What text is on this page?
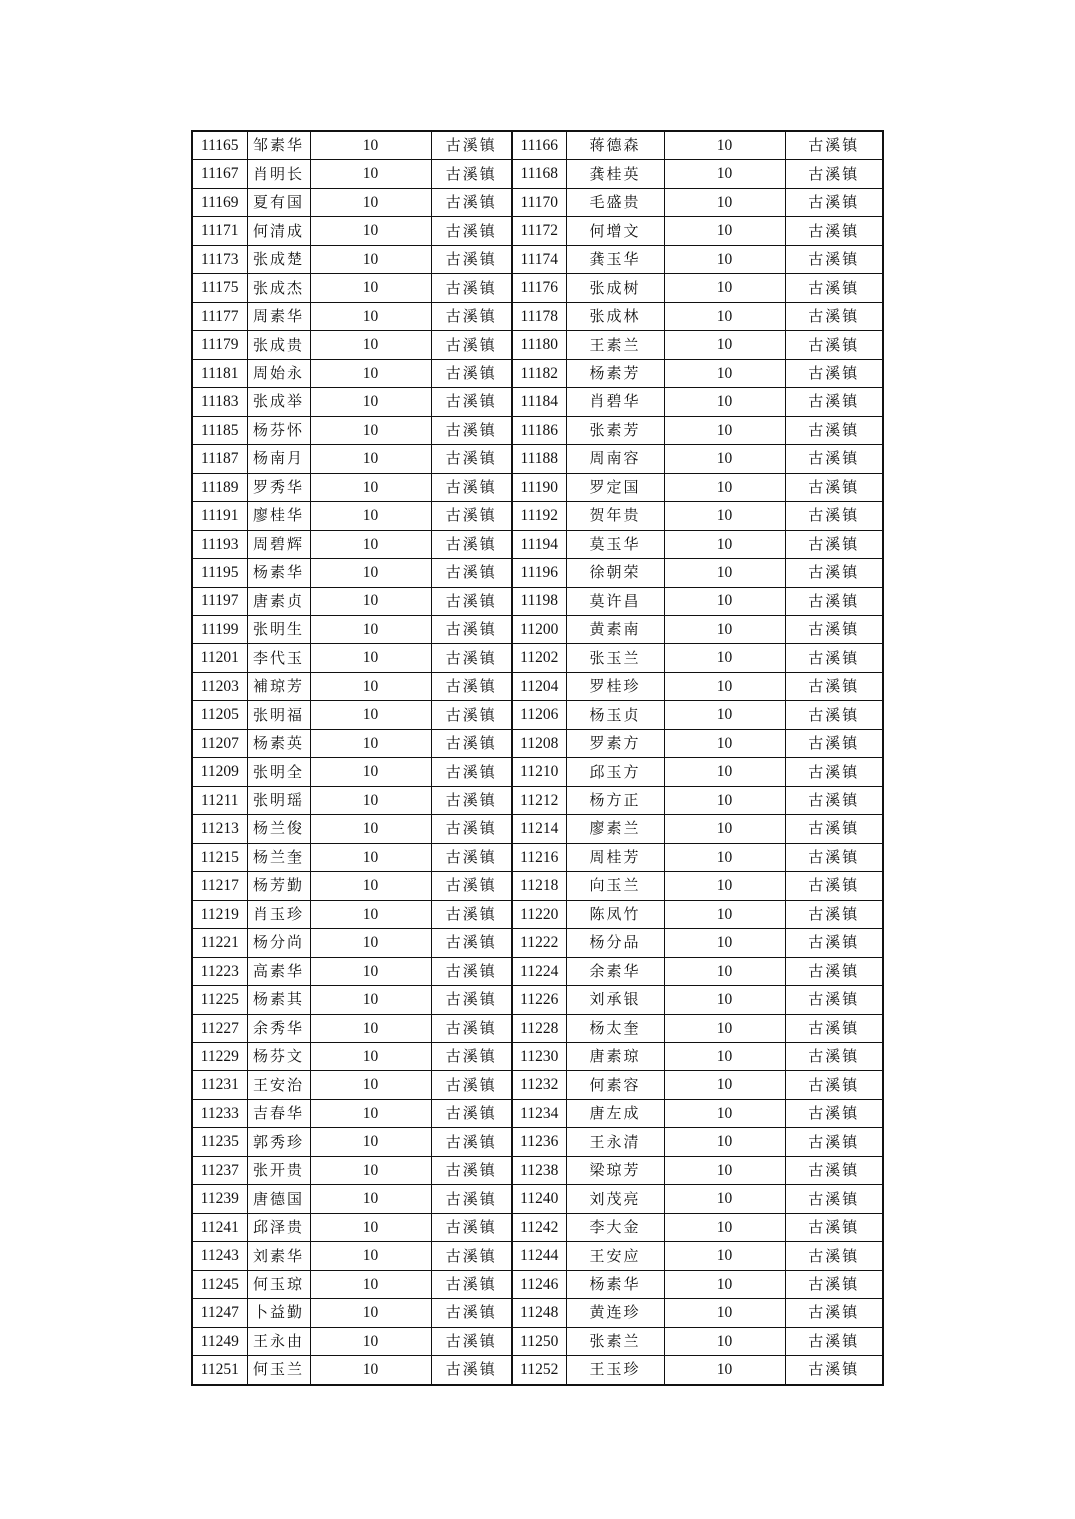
11165	邹素华	10	古溪镇	11166	蒋德森	10	古溪镇
11167	肖明长	10	古溪镇	11168	龚桂英	10	古溪镇
11169	夏有国	10	古溪镇	11170	毛盛贵	10	古溪镇
11171	何清成	10	古溪镇	11172	何增文	10	古溪镇
11173	张成楚	10	古溪镇	11174	龚玉华	10	古溪镇
11175	张成杰	10	古溪镇	11176	张成树	10	古溪镇
11177	周素华	10	古溪镇	11178	张成林	10	古溪镇
11179	张成贵	10	古溪镇	11180	王素兰	10	古溪镇
11181	周始永	10	古溪镇	11182	杨素芳	10	古溪镇
11183	张成举	10	古溪镇	11184	肖碧华	10	古溪镇
11185	杨芬怀	10	古溪镇	11186	张素芳	10	古溪镇
11187	杨南月	10	古溪镇	11188	周南容	10	古溪镇
11189	罗秀华	10	古溪镇	11190	罗定国	10	古溪镇
11191	廖桂华	10	古溪镇	11192	贺年贵	10	古溪镇
11193	周碧辉	10	古溪镇	11194	莫玉华	10	古溪镇
11195	杨素华	10	古溪镇	11196	徐朝荣	10	古溪镇
11197	唐素贞	10	古溪镇	11198	莫许昌	10	古溪镇
11199	张明生	10	古溪镇	11200	黄素南	10	古溪镇
11201	李代玉	10	古溪镇	11202	张玉兰	10	古溪镇
11203	補琼芳	10	古溪镇	11204	罗桂珍	10	古溪镇
11205	张明福	10	古溪镇	11206	杨玉贞	10	古溪镇
11207	杨素英	10	古溪镇	11208	罗素方	10	古溪镇
11209	张明全	10	古溪镇	11210	邱玉方	10	古溪镇
11211	张明瑶	10	古溪镇	11212	杨方正	10	古溪镇
11213	杨兰俊	10	古溪镇	11214	廖素兰	10	古溪镇
11215	杨兰奎	10	古溪镇	11216	周桂芳	10	古溪镇
11217	杨芳勤	10	古溪镇	11218	向玉兰	10	古溪镇
11219	肖玉珍	10	古溪镇	11220	陈凤竹	10	古溪镇
11221	杨分尚	10	古溪镇	11222	杨分品	10	古溪镇
11223	高素华	10	古溪镇	11224	余素华	10	古溪镇
11225	杨素其	10	古溪镇	11226	刘承银	10	古溪镇
11227	余秀华	10	古溪镇	11228	杨太奎	10	古溪镇
11229	杨芬文	10	古溪镇	11230	唐素琼	10	古溪镇
11231	王安治	10	古溪镇	11232	何素容	10	古溪镇
11233	吉春华	10	古溪镇	11234	唐左成	10	古溪镇
11235	郭秀珍	10	古溪镇	11236	王永清	10	古溪镇
11237	张开贵	10	古溪镇	11238	梁琼芳	10	古溪镇
11239	唐德国	10	古溪镇	11240	刘茂亮	10	古溪镇
11241	邱泽贵	10	古溪镇	11242	李大金	10	古溪镇
11243	刘素华	10	古溪镇	11244	王安应	10	古溪镇
11245	何玉琼	10	古溪镇	11246	杨素华	10	古溪镇
11247	卜益勤	10	古溪镇	11248	黄连珍	10	古溪镇
11249	王永由	10	古溪镇	11250	张素兰	10	古溪镇
11251	何玉兰	10	古溪镇	11252	王玉珍	10	古溪镇
